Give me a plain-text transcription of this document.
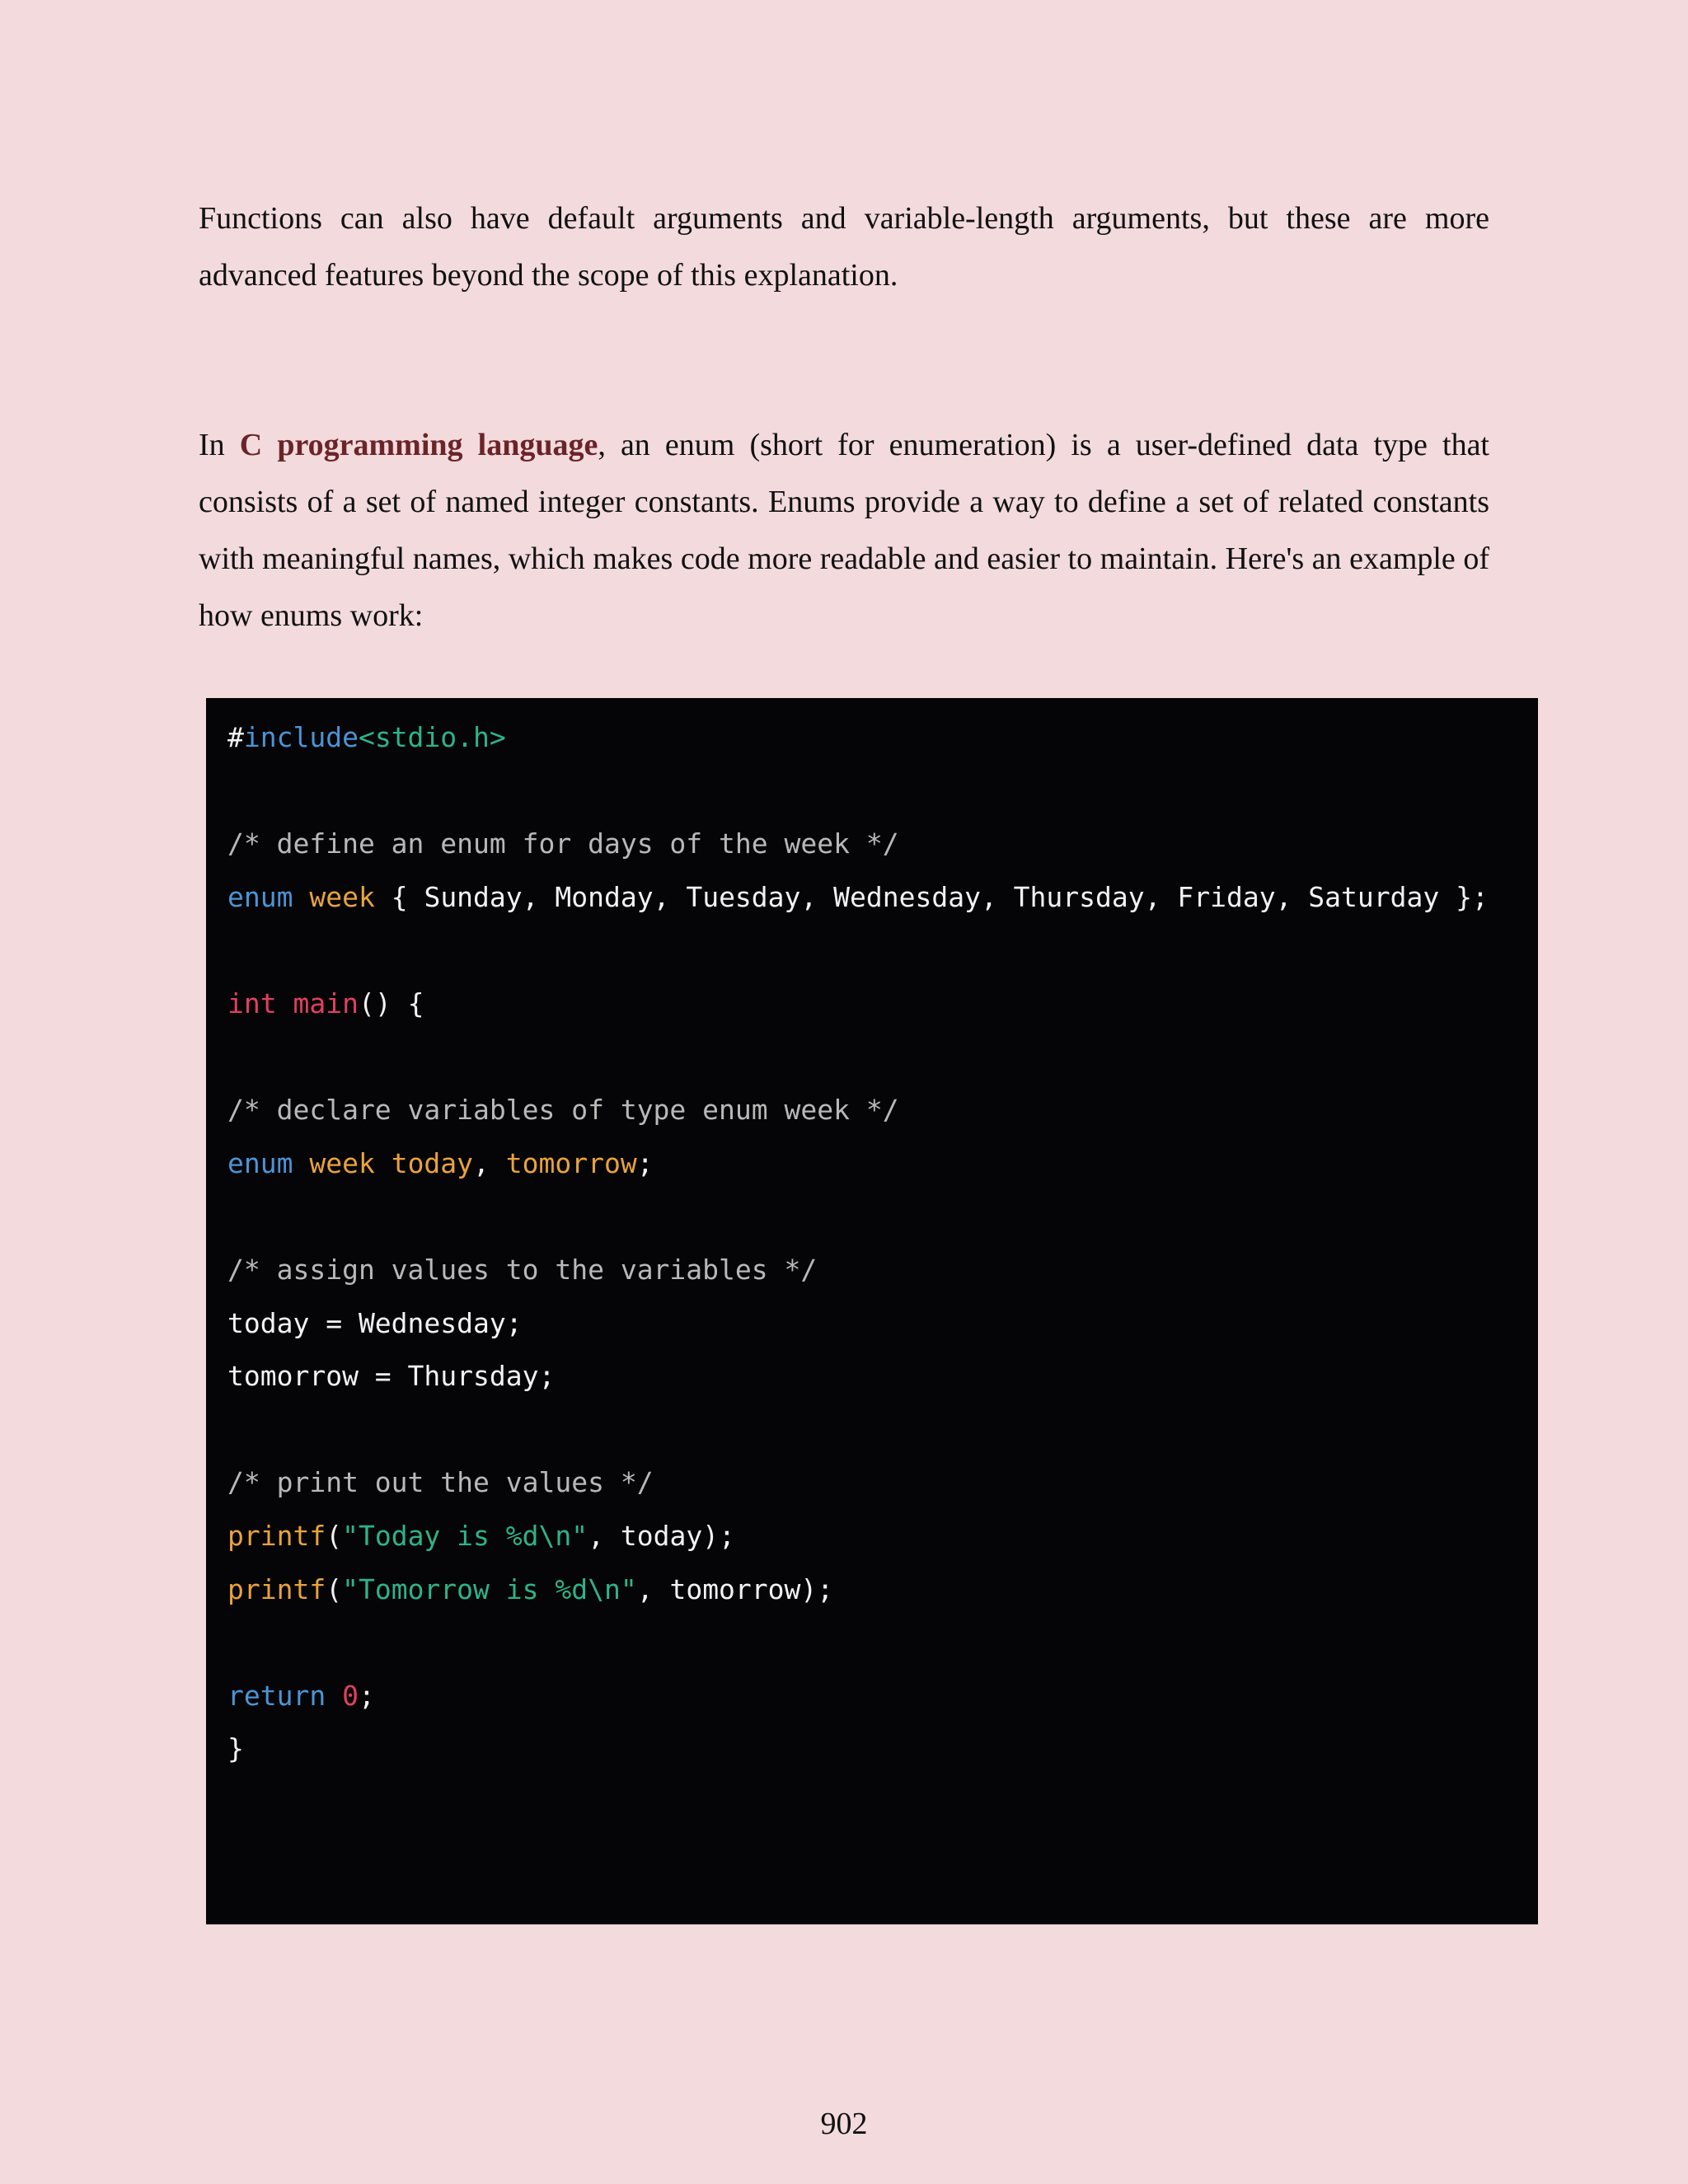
Functions can also have default arguments and variable-length arguments, but these are more advanced features beyond the scope of this explanation.

In C programming language, an enum (short for enumeration) is a user-defined data type that consists of a set of named integer constants. Enums provide a way to define a set of related constants with meaningful names, which makes code more readable and easier to maintain. Here's an example of how enums work:

#include<stdio.h>
/* define an enum for days of the week */
enum week { Sunday, Monday, Tuesday, Wednesday, Thursday, Friday, Saturday };
int main() {
/* declare variables of type enum week */
enum week today, tomorrow;
/* assign values to the variables */
today = Wednesday;
tomorrow = Thursday;
/* print out the values */
printf("Today is %d\n", today);
printf("Tomorrow is %d\n", tomorrow);
return 0;
}
902
